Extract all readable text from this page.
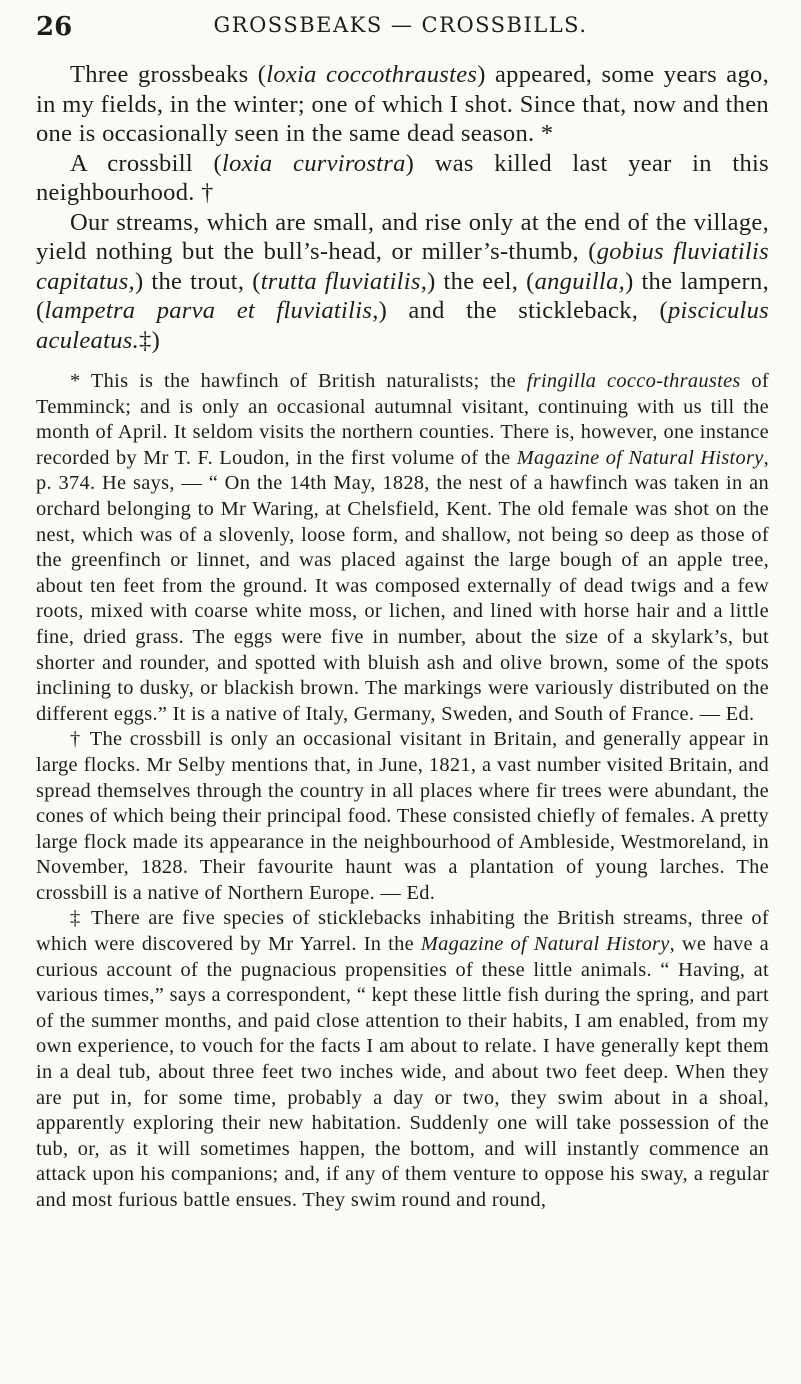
26	GROSSBEAKS — CROSSBILLS.

Three grossbeaks (loxia coccothraustes) appeared, some years ago, in my fields, in the winter; one of which I shot. Since that, now and then one is occasionally seen in the same dead season. *

A crossbill (loxia curvirostra) was killed last year in this neighbourhood. †

Our streams, which are small, and rise only at the end of the village, yield nothing but the bull’s-head, or miller’s-thumb, (gobius fluviatilis capitatus,) the trout, (trutta fluviatilis,) the eel, (anguilla,) the lampern, (lampetra parva et fluviatilis,) and the stickleback, (pisciculus aculeatus.‡)

* This is the hawfinch of British naturalists; the fringilla cocco-thraustes of Temminck; and is only an occasional autumnal visitant, continuing with us till the month of April. It seldom visits the northern counties. There is, however, one instance recorded by Mr T. F. Loudon, in the first volume of the Magazine of Natural History, p. 374. He says, — “ On the 14th May, 1828, the nest of a hawfinch was taken in an orchard belonging to Mr Waring, at Chelsfield, Kent. The old female was shot on the nest, which was of a slovenly, loose form, and shallow, not being so deep as those of the greenfinch or linnet, and was placed against the large bough of an apple tree, about ten feet from the ground. It was composed externally of dead twigs and a few roots, mixed with coarse white moss, or lichen, and lined with horse hair and a little fine, dried grass. The eggs were five in number, about the size of a skylark’s, but shorter and rounder, and spotted with bluish ash and olive brown, some of the spots inclining to dusky, or blackish brown. The markings were variously distributed on the different eggs.” It is a native of Italy, Germany, Sweden, and South of France. — Ed.

† The crossbill is only an occasional visitant in Britain, and generally appear in large flocks. Mr Selby mentions that, in June, 1821, a vast number visited Britain, and spread themselves through the country in all places where fir trees were abundant, the cones of which being their principal food. These consisted chiefly of females. A pretty large flock made its appearance in the neighbourhood of Ambleside, Westmoreland, in November, 1828. Their favourite haunt was a plantation of young larches. The crossbill is a native of Northern Europe. — Ed.

‡ There are five species of sticklebacks inhabiting the British streams, three of which were discovered by Mr Yarrel. In the Magazine of Natural History, we have a curious account of the pugnacious propensities of these little animals. “ Having, at various times,” says a correspondent, “ kept these little fish during the spring, and part of the summer months, and paid close attention to their habits, I am enabled, from my own experience, to vouch for the facts I am about to relate. I have generally kept them in a deal tub, about three feet two inches wide, and about two feet deep. When they are put in, for some time, probably a day or two, they swim about in a shoal, apparently exploring their new habitation. Suddenly one will take possession of the tub, or, as it will sometimes happen, the bottom, and will instantly commence an attack upon his companions; and, if any of them venture to oppose his sway, a regular and most furious battle ensues. They swim round and round,
